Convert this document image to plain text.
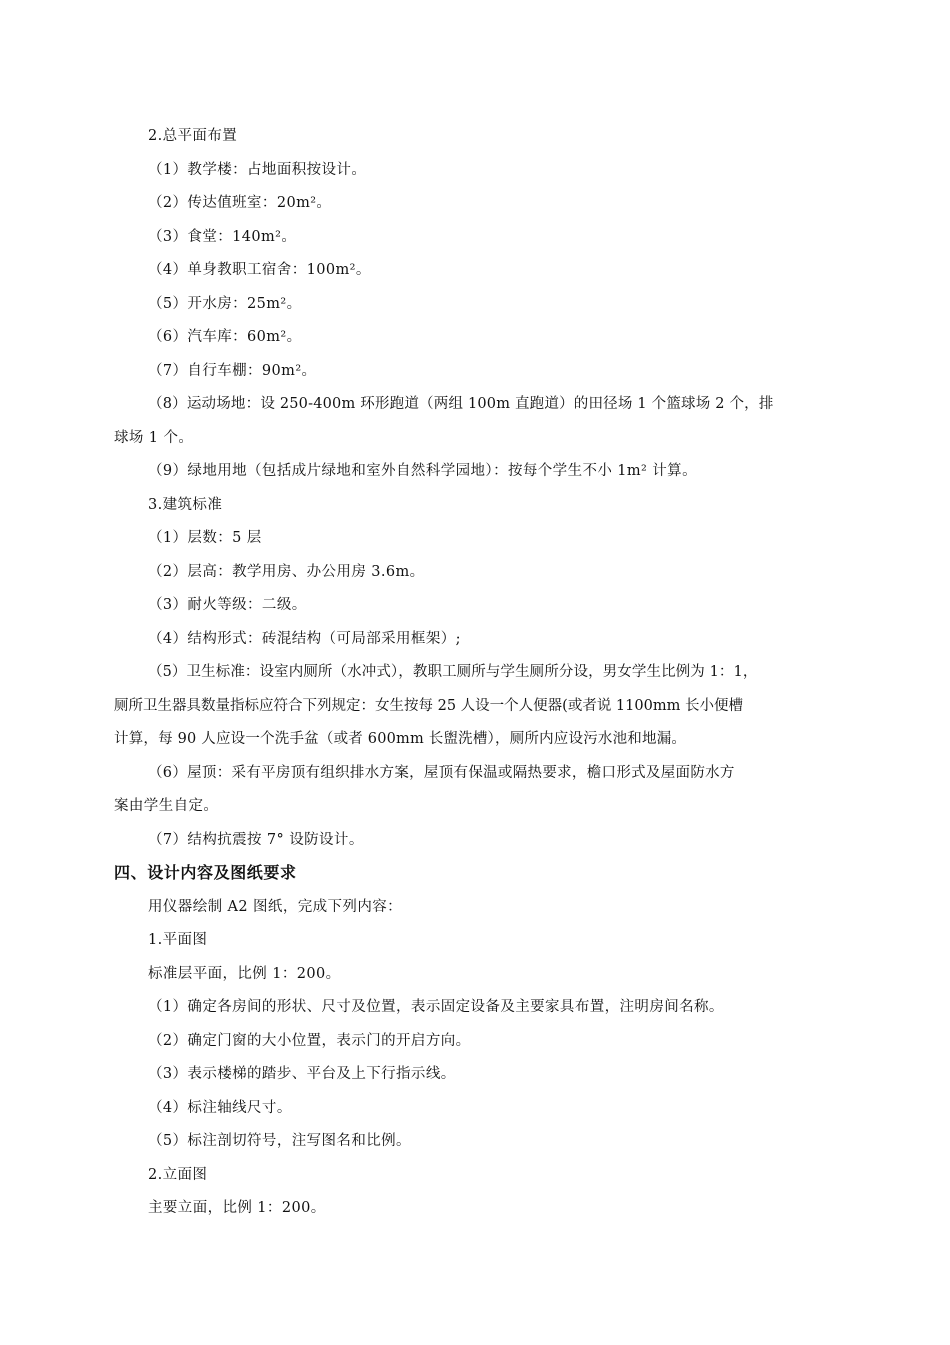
2.总平面布置
（1）教学楼：占地面积按设计。
（2）传达值班室：20m²。
（3）食堂：140m²。
（4）单身教职工宿舍：100m²。
（5）开水房：25m²。
（6）汽车库：60m²。
（7）自行车棚：90m²。
（8）运动场地：设 250-400m 环形跑道（两组 100m 直跑道）的田径场 1 个篮球场 2 个，排
球场 1 个。
（9）绿地用地（包括成片绿地和室外自然科学园地）：按每个学生不小 1m² 计算。
3.建筑标准
（1）层数：5 层
（2）层高：教学用房、办公用房 3.6m。
（3）耐火等级：二级。
（4）结构形式：砖混结构（可局部采用框架）;
（5）卫生标准：设室内厕所（水冲式），教职工厕所与学生厕所分设，男女学生比例为 1：1，
厕所卫生器具数量指标应符合下列规定：女生按每 25 人设一个人便器(或者说 1100mm 长小便槽
计算，每 90 人应设一个洗手盆（或者 600mm 长盥洗槽），厕所内应设污水池和地漏。
（6）屋顶：采有平房顶有组织排水方案，屋顶有保温或隔热要求，檐口形式及屋面防水方
案由学生自定。
（7）结构抗震按 7° 设防设计。
四、设计内容及图纸要求
用仪器绘制 A2 图纸，完成下列内容：
1.平面图
标准层平面，比例 1：200。
（1）确定各房间的形状、尺寸及位置，表示固定设备及主要家具布置，注明房间名称。
（2）确定门窗的大小位置，表示门的开启方向。
（3）表示楼梯的踏步、平台及上下行指示线。
（4）标注轴线尺寸。
（5）标注剖切符号，注写图名和比例。
2.立面图
主要立面，比例 1：200。
